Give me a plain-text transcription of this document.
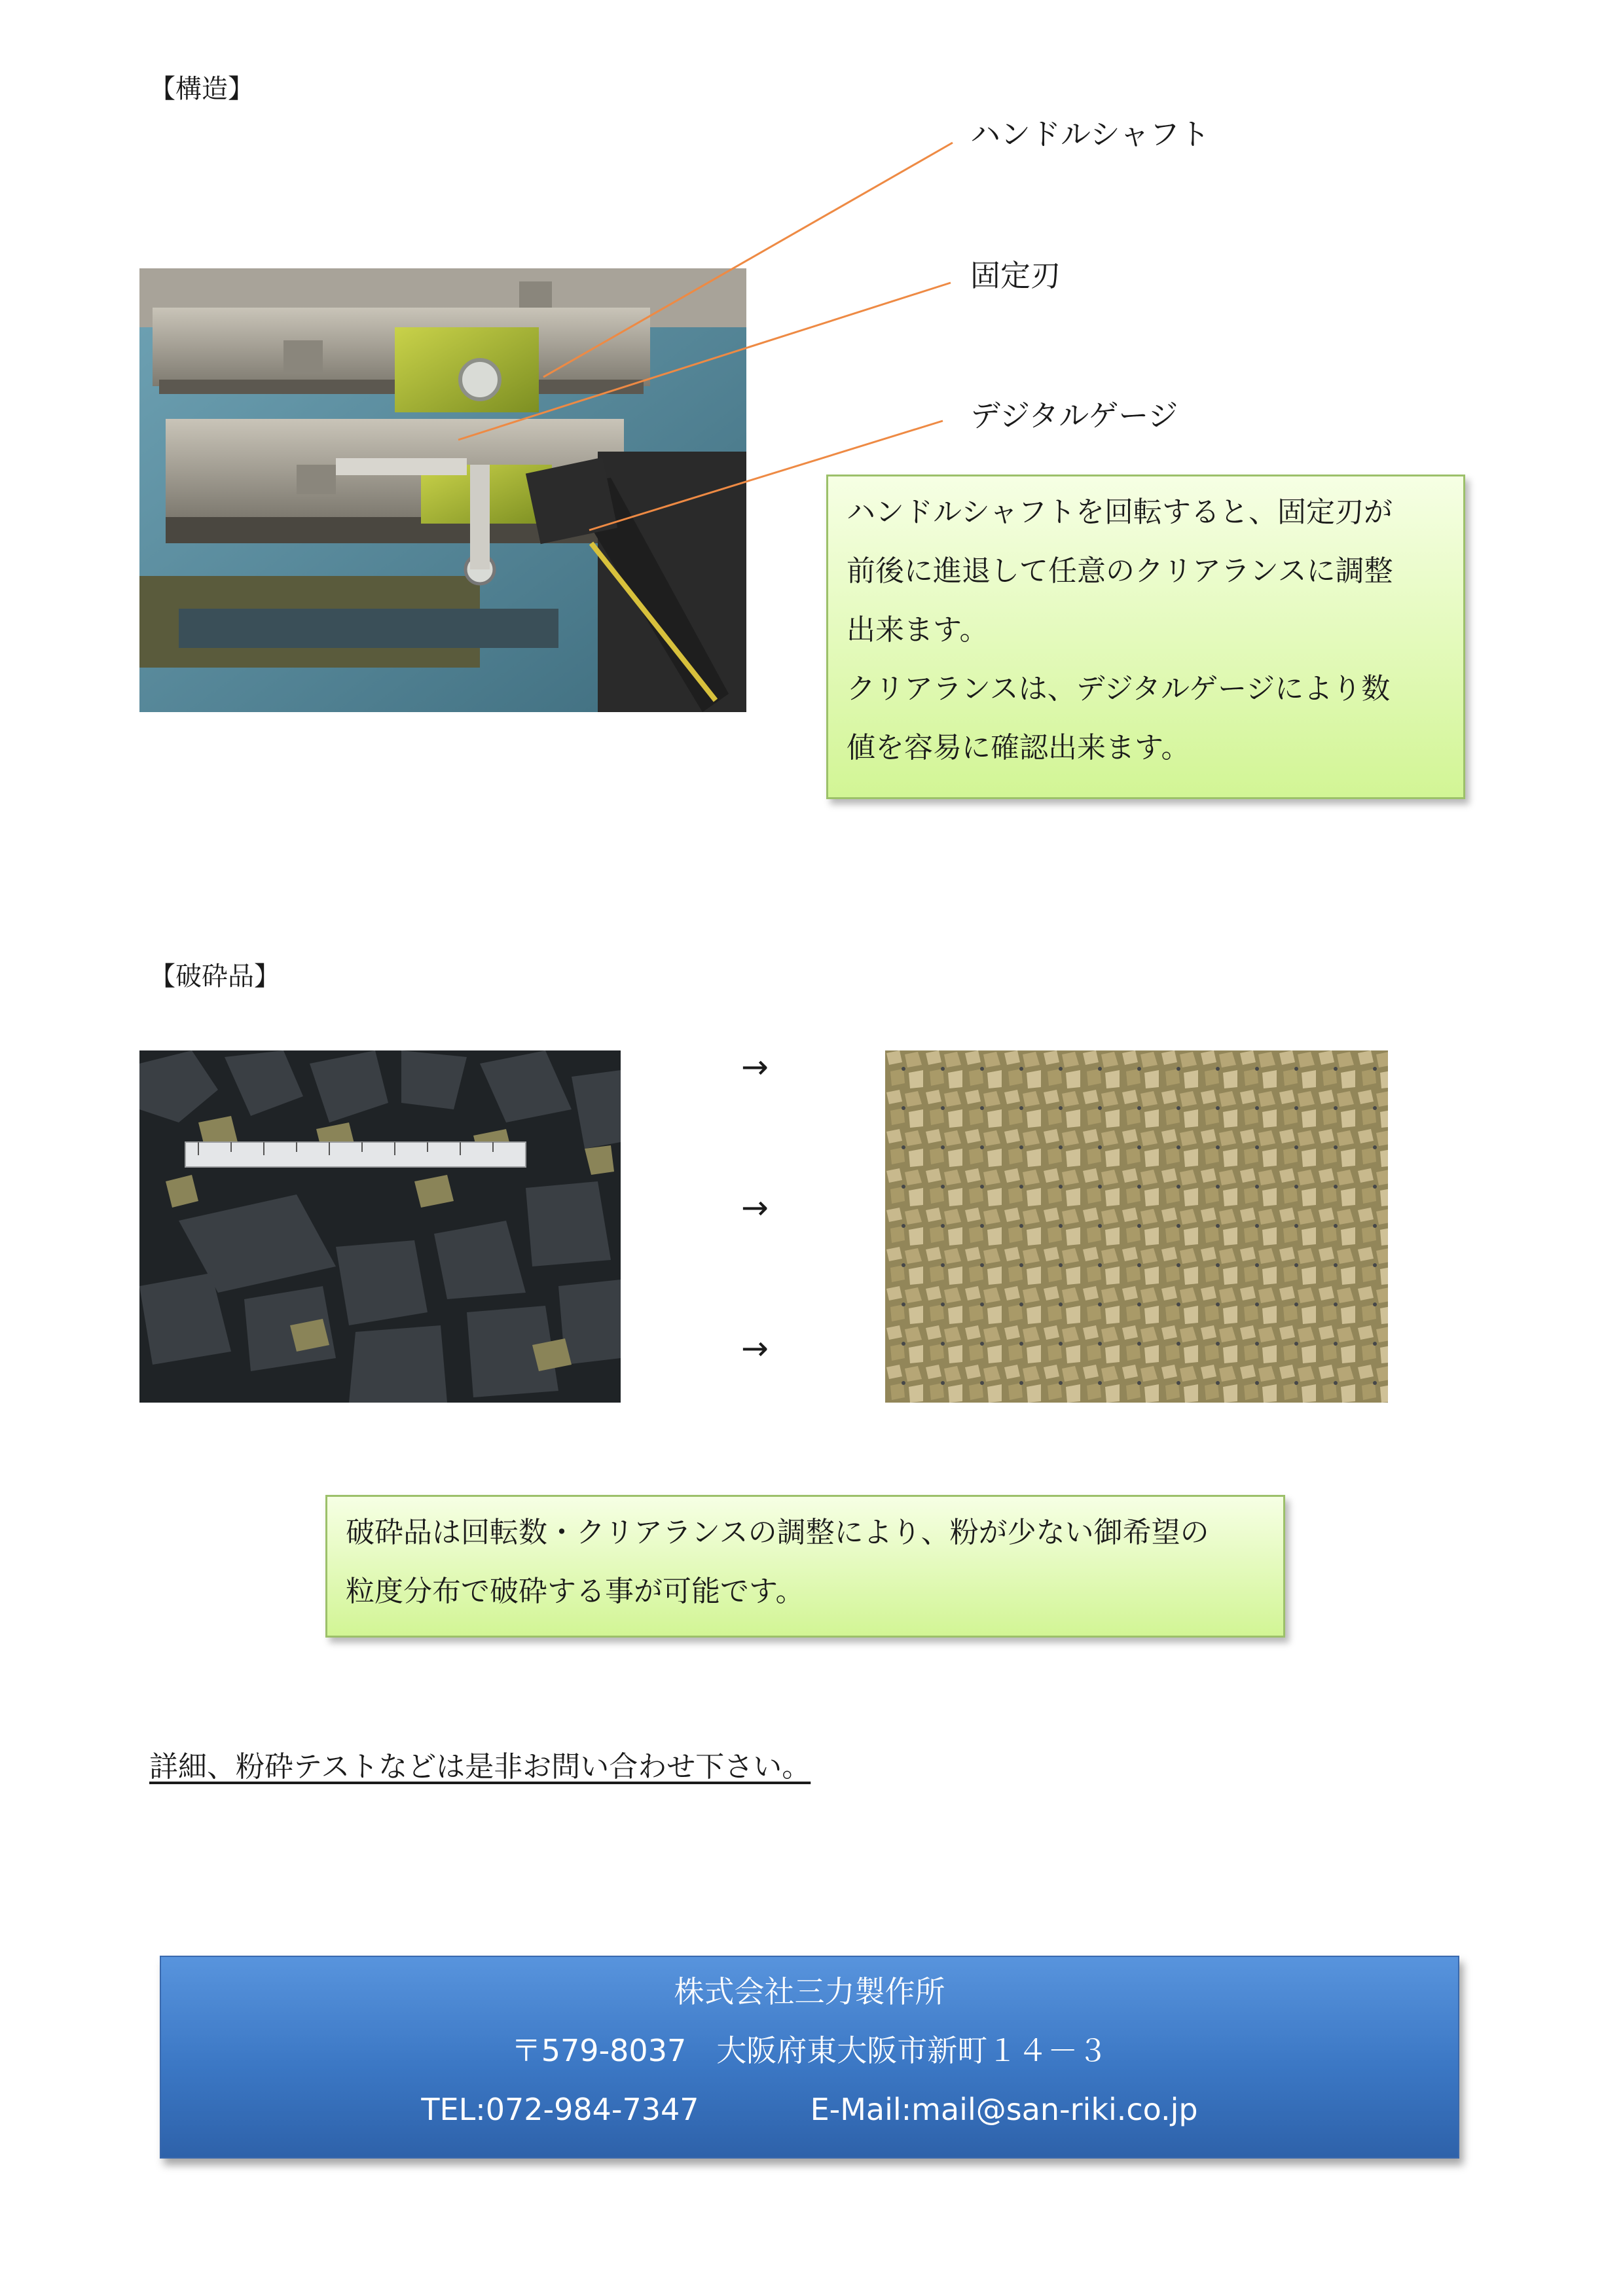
【構造】
ハンドルシャフト
固定刃
デジタルゲージ
ハンドルシャフトを回転すると、固定刃が
前後に進退して任意のクリアランスに調整
出来ます。
クリアランスは、デジタルゲージにより数
値を容易に確認出来ます。
【破砕品】
→
→
→
破砕品は回転数・クリアランスの調整により、粉が少ない御希望の
粒度分布で破砕する事が可能です。
詳細、粉砕テストなどは是非お問い合わせ下さい。
株式会社三力製作所
〒579-8037　大阪府東大阪市新町１４－３
TEL:072-984-7347	E-Mail:mail@san-riki.co.jp
